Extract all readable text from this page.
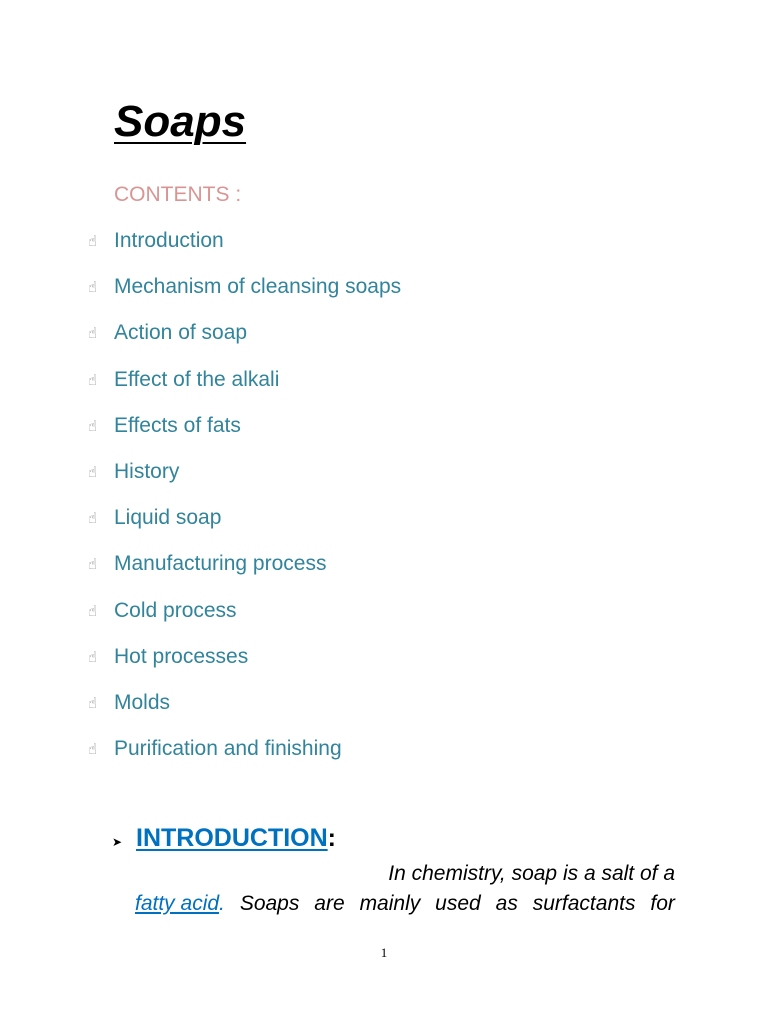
Soaps
CONTENTS :
☝ Introduction
☝ Mechanism of cleansing soaps
☝ Action of soap
☝ Effect of the alkali
☝ Effects of fats
☝ History
☝ Liquid soap
☝ Manufacturing process
☝ Cold process
☝ Hot processes
☝ Molds
☝ Purification and finishing
➤ INTRODUCTION :
In chemistry, soap is a salt of a
fatty acid. Soaps are mainly used as surfactants for
1
